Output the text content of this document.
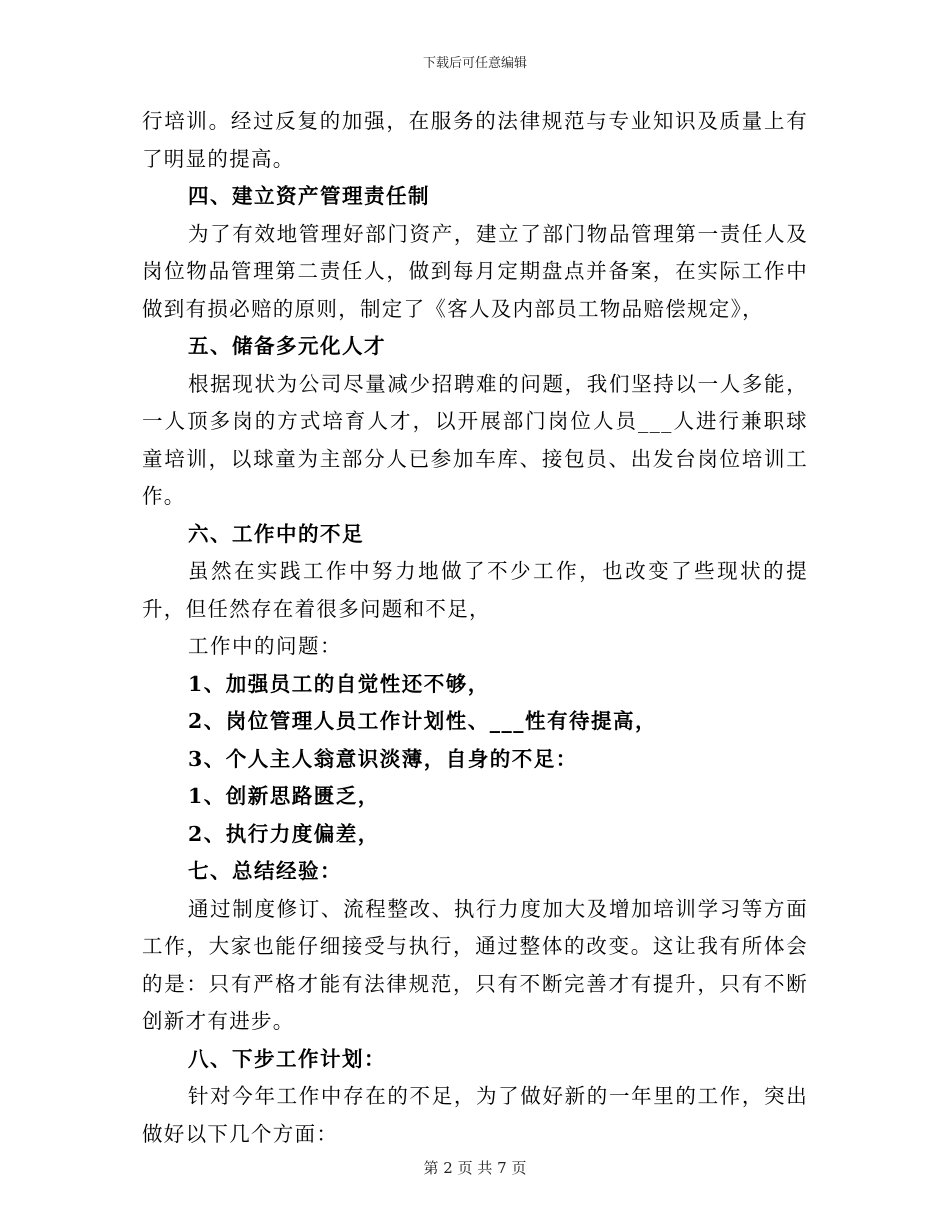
下载后可任意编辑

行培训。经过反复的加强，在服务的法律规范与专业知识及质量上有了明显的提高。

四、建立资产管理责任制

为了有效地管理好部门资产，建立了部门物品管理第一责任人及岗位物品管理第二责任人，做到每月定期盘点并备案，在实际工作中做到有损必赔的原则，制定了《客人及内部员工物品赔偿规定》，

五、储备多元化人才

根据现状为公司尽量减少招聘难的问题，我们坚持以一人多能，一人顶多岗的方式培育人才，以开展部门岗位人员___人进行兼职球童培训，以球童为主部分人已参加车库、接包员、出发台岗位培训工作。

六、工作中的不足

虽然在实践工作中努力地做了不少工作，也改变了些现状的提升，但任然存在着很多问题和不足，

工作中的问题：

1、加强员工的自觉性还不够，

2、岗位管理人员工作计划性、___性有待提高，

3、个人主人翁意识淡薄，自身的不足：

1、创新思路匮乏，

2、执行力度偏差，

七、总结经验：

通过制度修订、流程整改、执行力度加大及增加培训学习等方面工作，大家也能仔细接受与执行，通过整体的改变。这让我有所体会的是：只有严格才能有法律规范，只有不断完善才有提升，只有不断创新才有进步。

八、下步工作计划：

针对今年工作中存在的不足，为了做好新的一年里的工作，突出做好以下几个方面：

第 2 页 共 7 页
